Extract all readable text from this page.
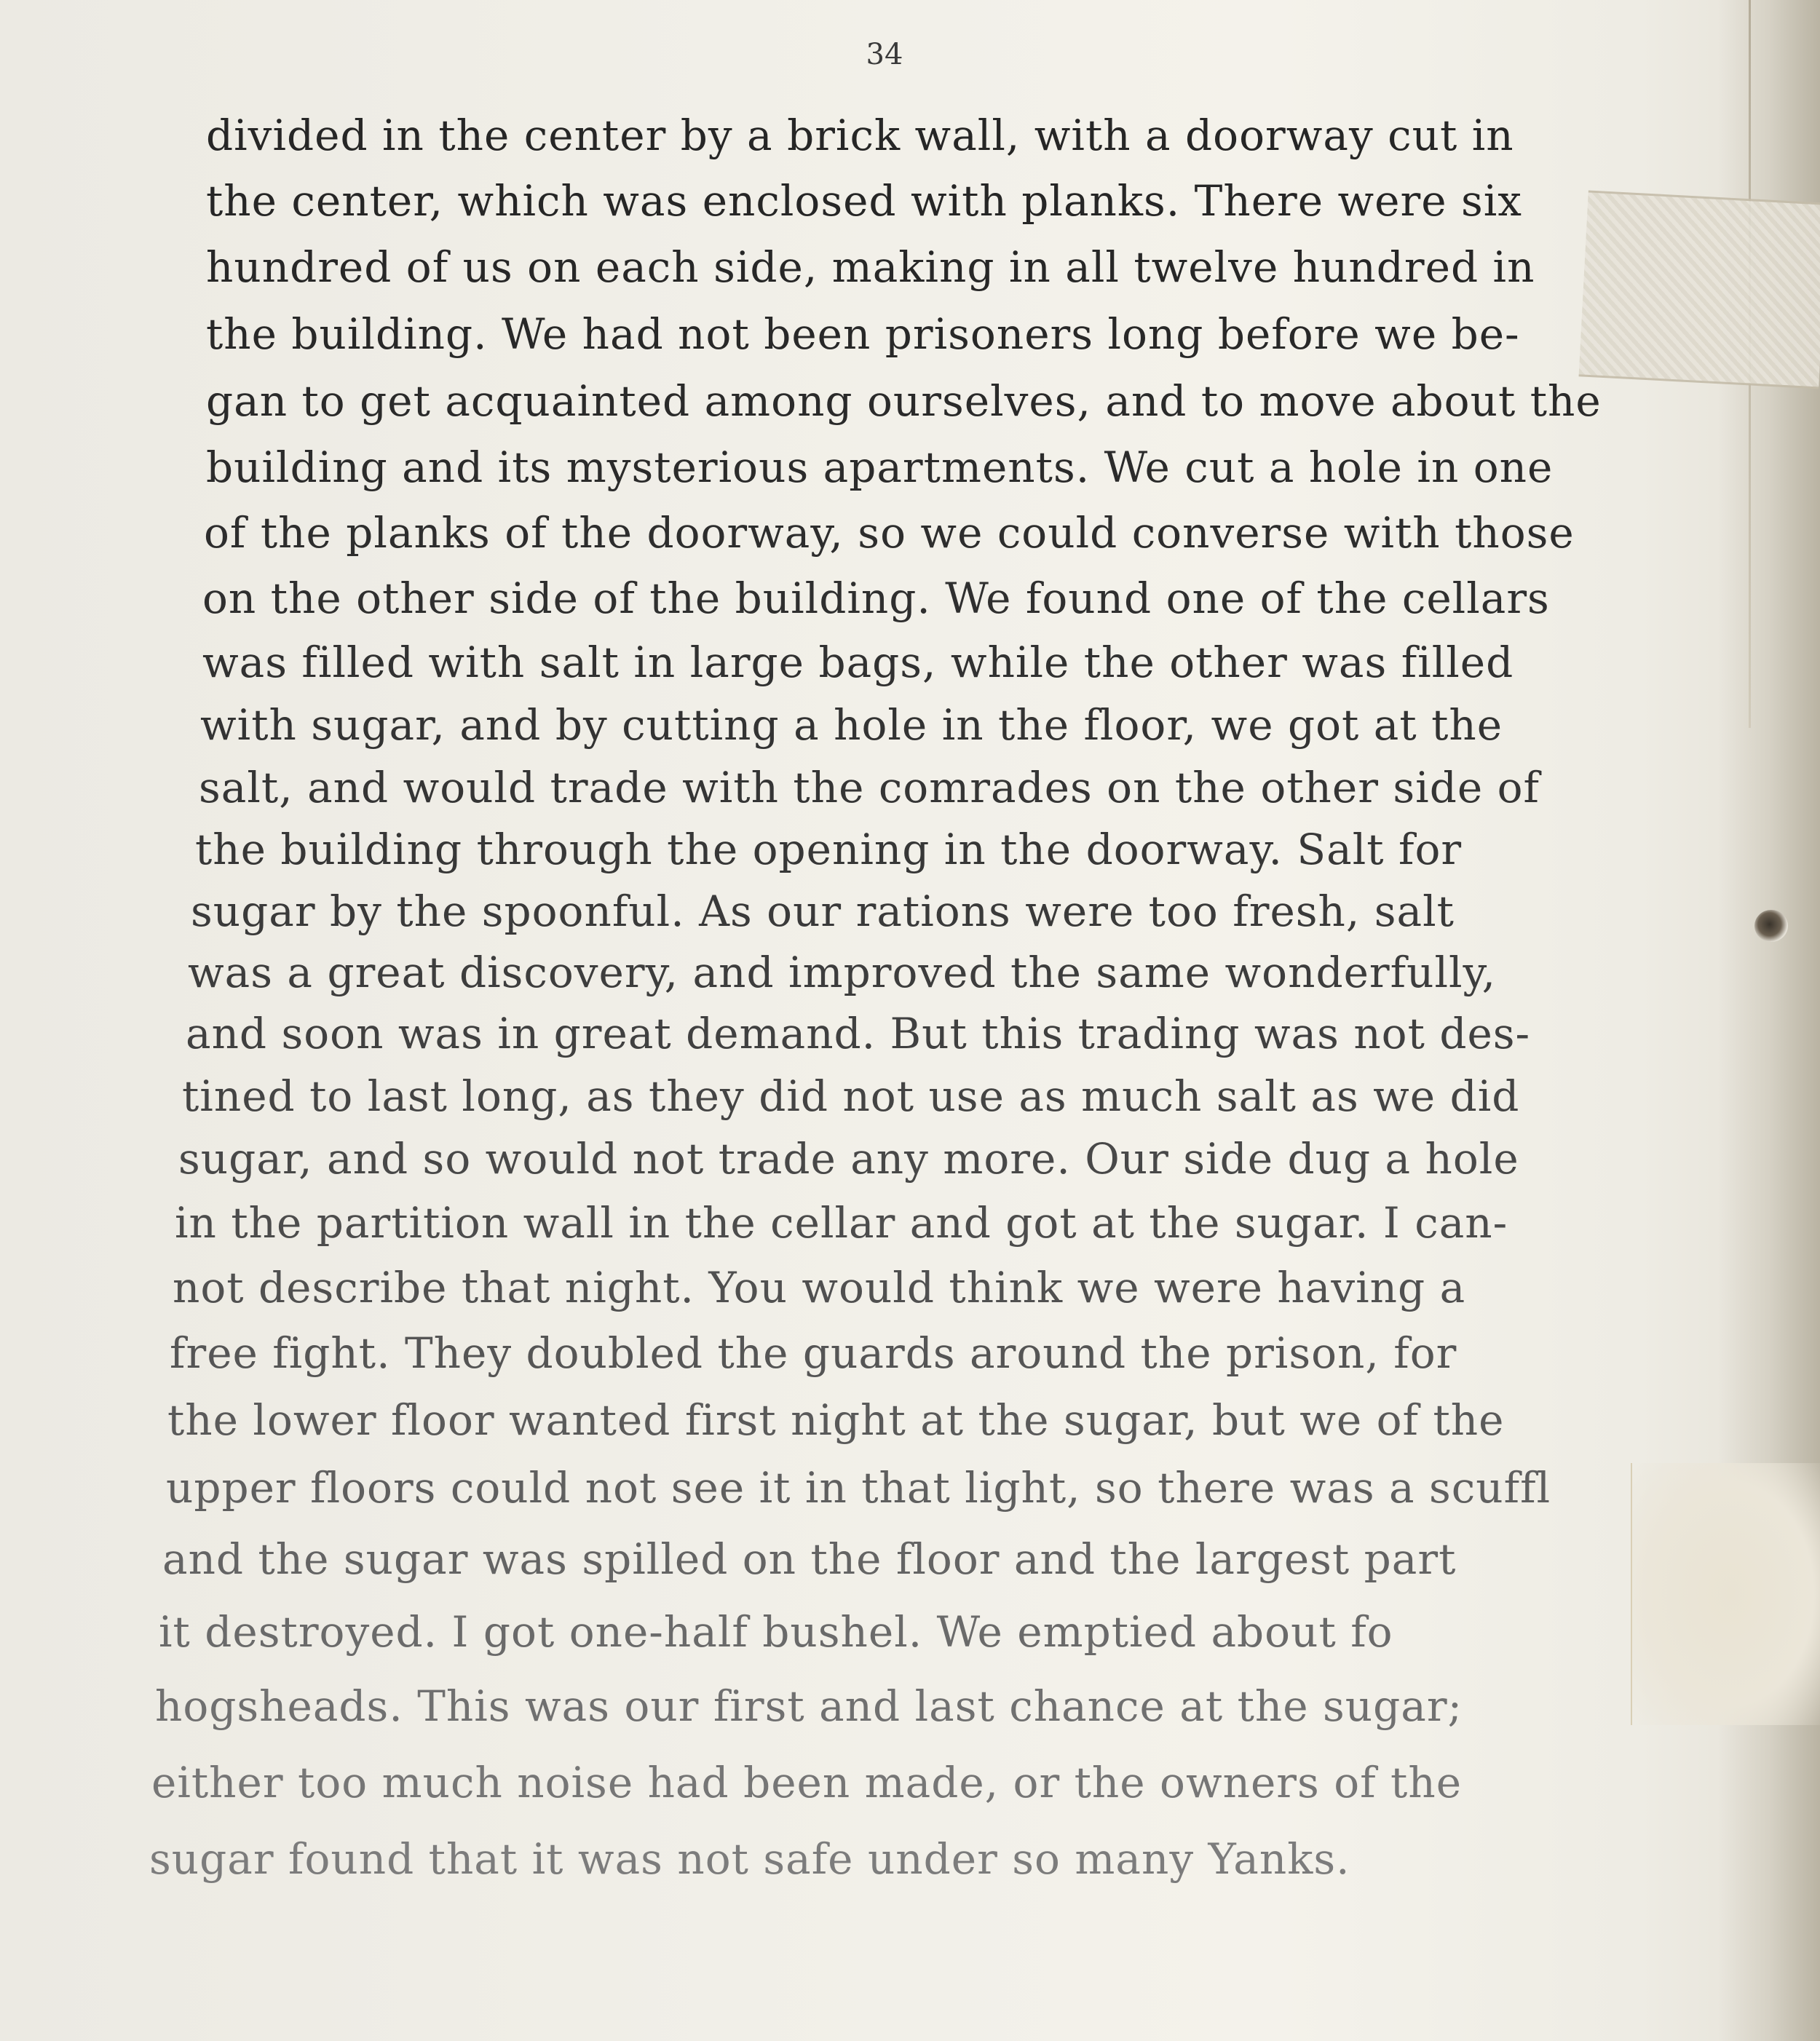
34
divided in the center by a brick wall, with a doorway cut in
the center, which was enclosed with planks. There were six
hundred of us on each side, making in all twelve hundred in
the building. We had not been prisoners long before we be-
gan to get acquainted among ourselves, and to move about the
building and its mysterious apartments. We cut a hole in one
of the planks of the doorway, so we could converse with those
on the other side of the building. We found one of the cellars
was filled with salt in large bags, while the other was filled
with sugar, and by cutting a hole in the floor, we got at the
salt, and would trade with the comrades on the other side of
the building through the opening in the doorway. Salt for
sugar by the spoonful. As our rations were too fresh, salt
was a great discovery, and improved the same wonderfully,
and soon was in great demand. But this trading was not des-
tined to last long, as they did not use as much salt as we did
sugar, and so would not trade any more. Our side dug a hole
in the partition wall in the cellar and got at the sugar. I can-
not describe that night. You would think we were having a
free fight. They doubled the guards around the prison, for
the lower floor wanted first night at the sugar, but we of the
upper floors could not see it in that light, so there was a scuffl
and the sugar was spilled on the floor and the largest part
it destroyed. I got one-half bushel. We emptied about fo
hogsheads. This was our first and last chance at the sugar;
either too much noise had been made, or the owners of the
sugar found that it was not safe under so many Yanks.
